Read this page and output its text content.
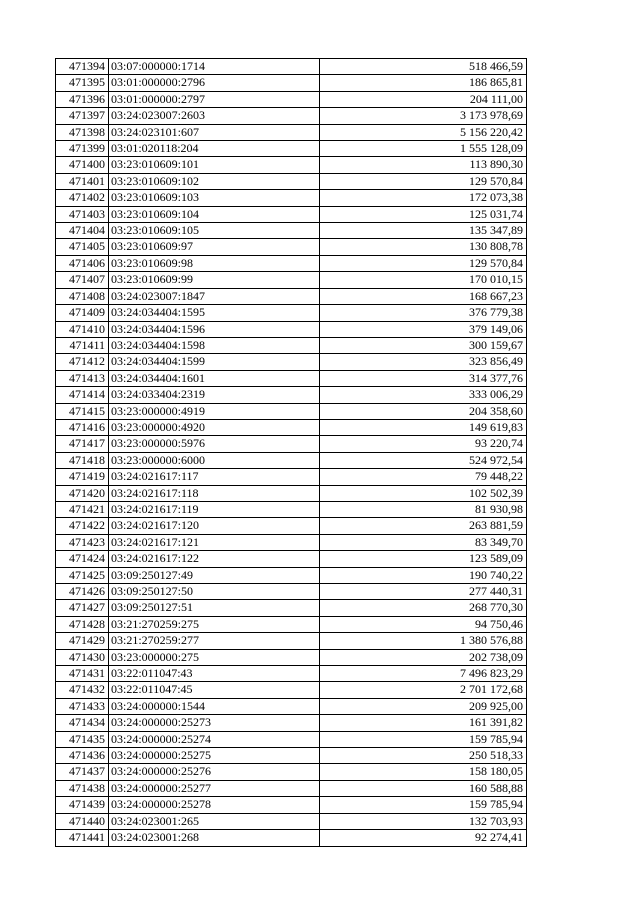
471394	03:07:000000:1714	518 466,59
471395	03:01:000000:2796	186 865,81
471396	03:01:000000:2797	204 111,00
471397	03:24:023007:2603	3 173 978,69
471398	03:24:023101:607	5 156 220,42
471399	03:01:020118:204	1 555 128,09
471400	03:23:010609:101	113 890,30
471401	03:23:010609:102	129 570,84
471402	03:23:010609:103	172 073,38
471403	03:23:010609:104	125 031,74
471404	03:23:010609:105	135 347,89
471405	03:23:010609:97	130 808,78
471406	03:23:010609:98	129 570,84
471407	03:23:010609:99	170 010,15
471408	03:24:023007:1847	168 667,23
471409	03:24:034404:1595	376 779,38
471410	03:24:034404:1596	379 149,06
471411	03:24:034404:1598	300 159,67
471412	03:24:034404:1599	323 856,49
471413	03:24:034404:1601	314 377,76
471414	03:24:033404:2319	333 006,29
471415	03:23:000000:4919	204 358,60
471416	03:23:000000:4920	149 619,83
471417	03:23:000000:5976	93 220,74
471418	03:23:000000:6000	524 972,54
471419	03:24:021617:117	79 448,22
471420	03:24:021617:118	102 502,39
471421	03:24:021617:119	81 930,98
471422	03:24:021617:120	263 881,59
471423	03:24:021617:121	83 349,70
471424	03:24:021617:122	123 589,09
471425	03:09:250127:49	190 740,22
471426	03:09:250127:50	277 440,31
471427	03:09:250127:51	268 770,30
471428	03:21:270259:275	94 750,46
471429	03:21:270259:277	1 380 576,88
471430	03:23:000000:275	202 738,09
471431	03:22:011047:43	7 496 823,29
471432	03:22:011047:45	2 701 172,68
471433	03:24:000000:1544	209 925,00
471434	03:24:000000:25273	161 391,82
471435	03:24:000000:25274	159 785,94
471436	03:24:000000:25275	250 518,33
471437	03:24:000000:25276	158 180,05
471438	03:24:000000:25277	160 588,88
471439	03:24:000000:25278	159 785,94
471440	03:24:023001:265	132 703,93
471441	03:24:023001:268	92 274,41
